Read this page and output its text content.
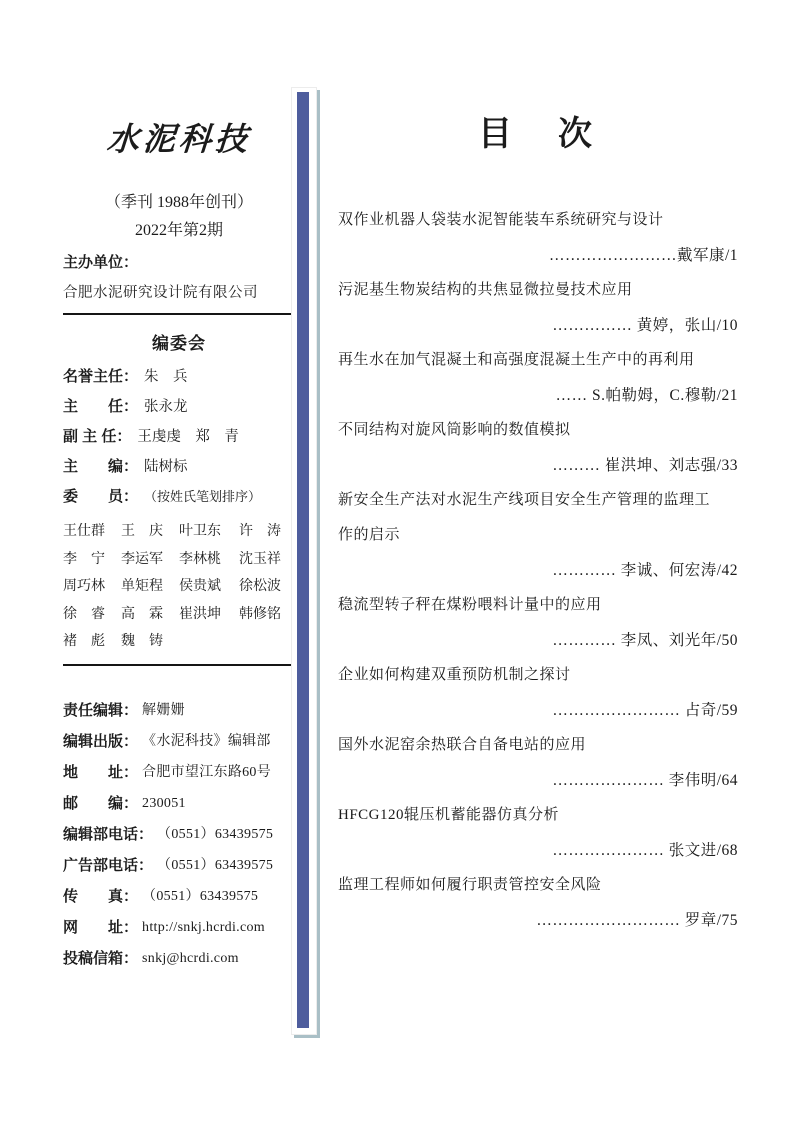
水泥科技
（季刊 1988年创刊）
2022年第2期
主办单位：
合肥水泥研究设计院有限公司
编委会
名誉主任： 朱　兵
主　　任： 张永龙
副 主 任： 王虔虔　郑　青
主　　编： 陆树标
委　　员： （按姓氏笔划排序）
王仕群	王　庆	叶卫东	许　涛
李　宁	李运军	李林桃	沈玉祥
周巧林	单矩程	侯贵斌	徐松波
徐　睿	高　霖	崔洪坤	韩修铭
褚　彪	魏　铸
责任编辑： 解姗姗
编辑出版： 《水泥科技》编辑部
地　　址： 合肥市望江东路60号
邮　　编： 230051
编辑部电话： （0551）63439575
广告部电话： （0551）63439575
传　　真： （0551）63439575
网　　址： http://snkj.hcrdi.com
投稿信箱： snkj@hcrdi.com
目　次
双作业机器人袋装水泥智能装车系统研究与设计
……………………戴军康/1
污泥基生物炭结构的共焦显微拉曼技术应用
…………… 黄婷，张山/10
再生水在加气混凝土和高强度混凝土生产中的再利用
…… S.帕勒姆，C.穆勒/21
不同结构对旋风筒影响的数值模拟
……… 崔洪坤、刘志强/33
新安全生产法对水泥生产线项目安全生产管理的监理工作的启示
………… 李诚、何宏涛/42
稳流型转子秤在煤粉喂料计量中的应用
………… 李凤、刘光年/50
企业如何构建双重预防机制之探讨
…………………… 占奇/59
国外水泥窑余热联合自备电站的应用
………………… 李伟明/64
HFCG120辊压机蓄能器仿真分析
………………… 张文进/68
监理工程师如何履行职责管控安全风险
……………………… 罗章/75
